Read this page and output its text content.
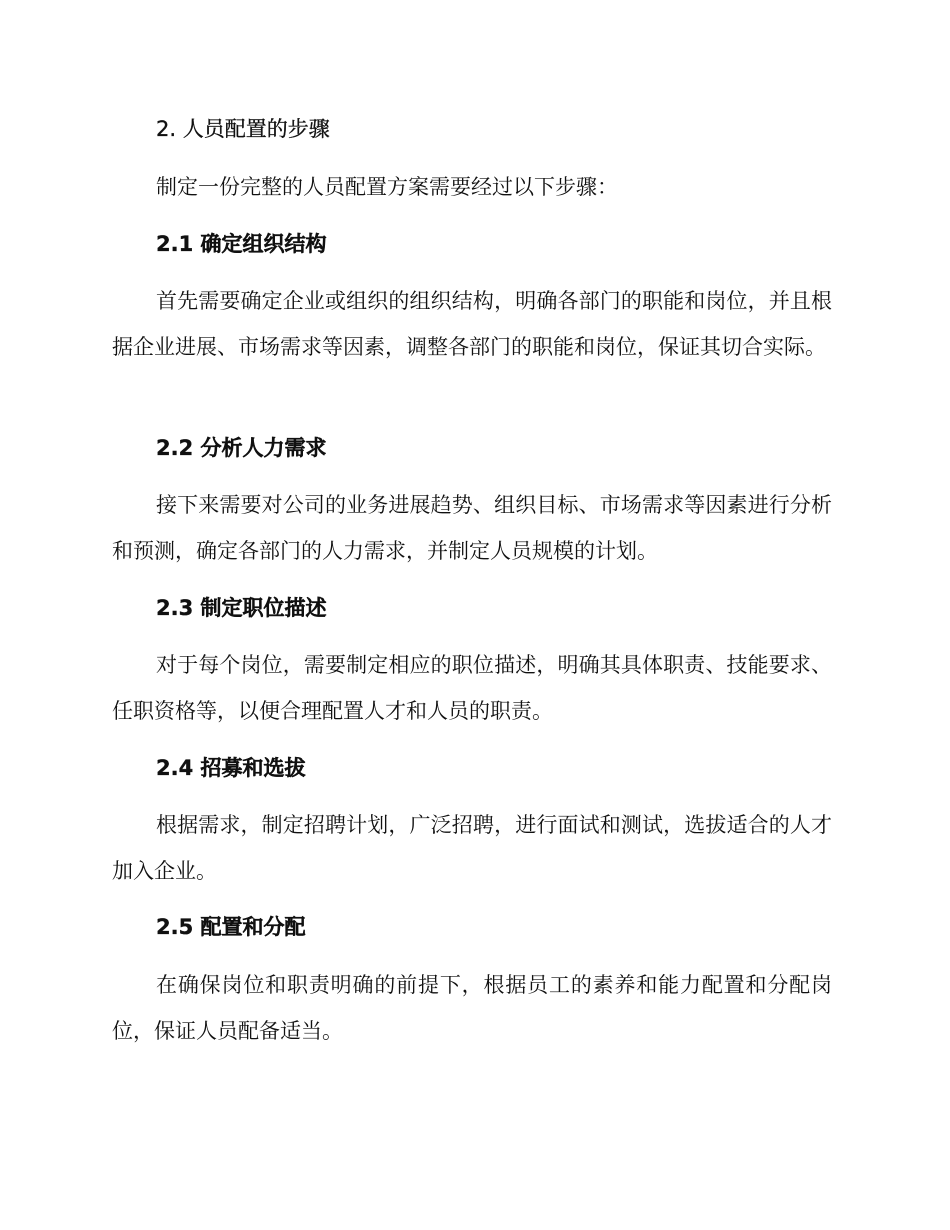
2. 人员配置的步骤

制定一份完整的人员配置方案需要经过以下步骤：

2.1 确定组织结构

首先需要确定企业或组织的组织结构，明确各部门的职能和岗位，并且根据企业进展、市场需求等因素，调整各部门的职能和岗位，保证其切合实际。

2.2 分析人力需求

接下来需要对公司的业务进展趋势、组织目标、市场需求等因素进行分析和预测，确定各部门的人力需求，并制定人员规模的计划。

2.3 制定职位描述

对于每个岗位，需要制定相应的职位描述，明确其具体职责、技能要求、任职资格等，以便合理配置人才和人员的职责。

2.4 招募和选拔

根据需求，制定招聘计划，广泛招聘，进行面试和测试，选拔适合的人才加入企业。

2.5 配置和分配

在确保岗位和职责明确的前提下，根据员工的素养和能力配置和分配岗位，保证人员配备适当。
